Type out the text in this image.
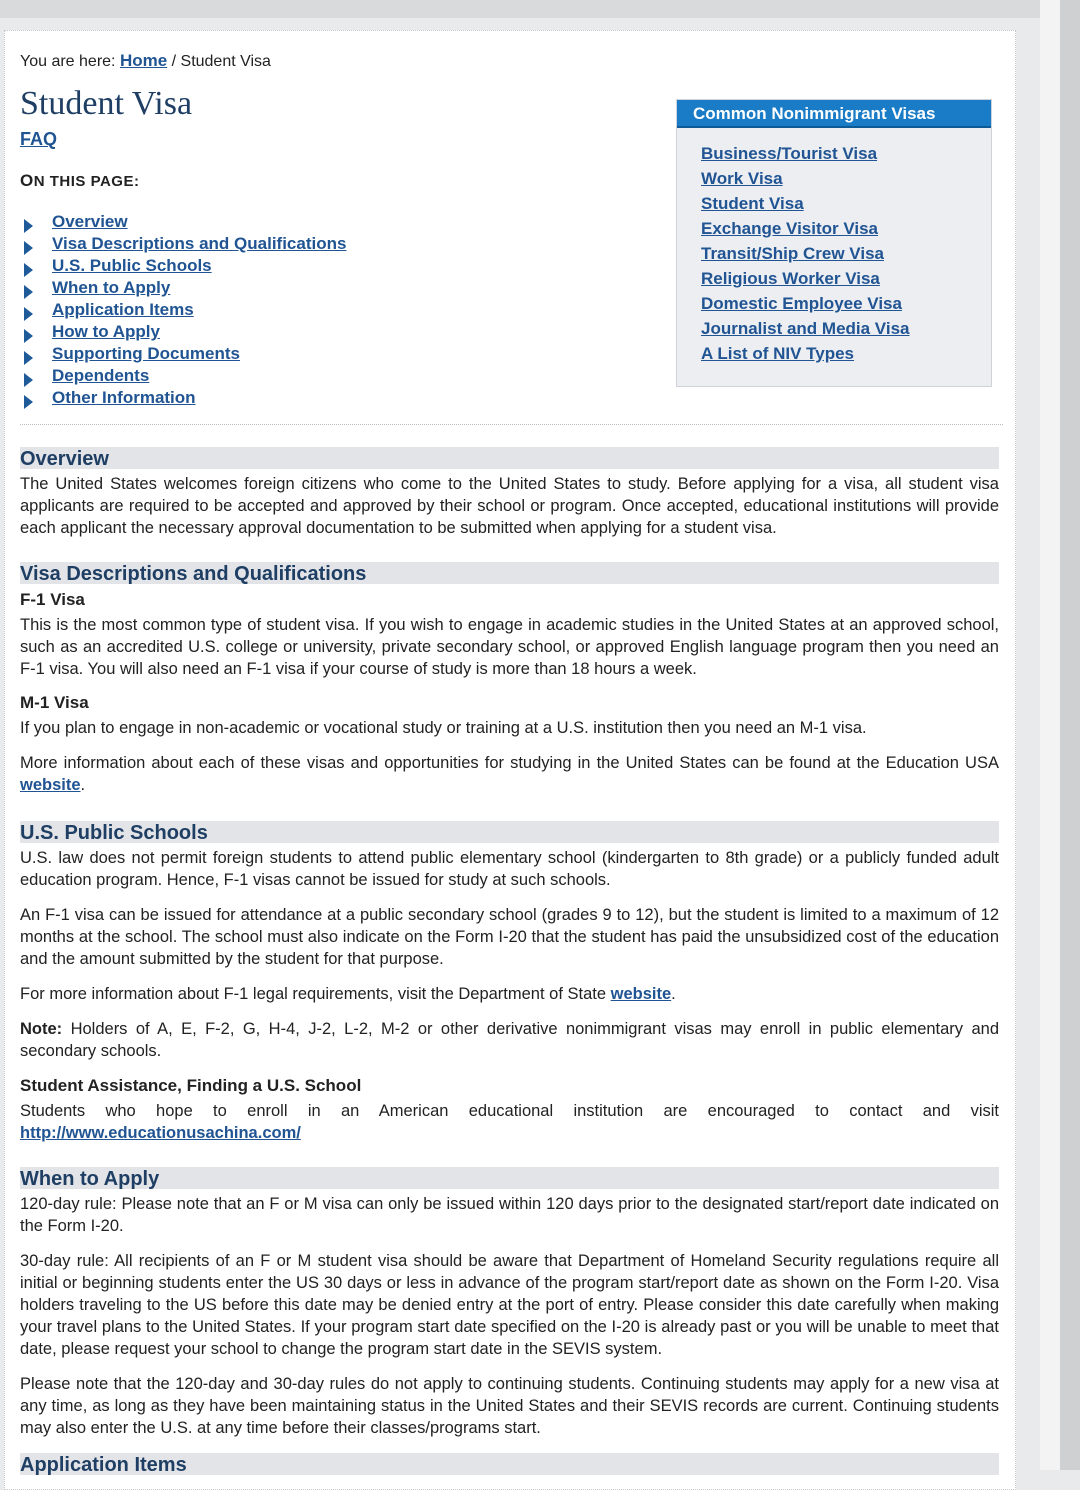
You are here: Home / Student Visa
Student Visa
FAQ
ON THIS PAGE:
Overview
Visa Descriptions and Qualifications
U.S. Public Schools
When to Apply
Application Items
How to Apply
Supporting Documents
Dependents
Other Information
Common Nonimmigrant Visas
Business/Tourist Visa
Work Visa
Student Visa
Exchange Visitor Visa
Transit/Ship Crew Visa
Religious Worker Visa
Domestic Employee Visa
Journalist and Media Visa
A List of NIV Types
Overview

The United States welcomes foreign citizens who come to the United States to study. Before applying for a visa, all student visa applicants are required to be accepted and approved by their school or program. Once accepted, educational institutions will provide each applicant the necessary approval documentation to be submitted when applying for a student visa.

Visa Descriptions and Qualifications
F-1 Visa

This is the most common type of student visa. If you wish to engage in academic studies in the United States at an approved school, such as an accredited U.S. college or university, private secondary school, or approved English language program then you need an F-1 visa. You will also need an F-1 visa if your course of study is more than 18 hours a week.

M-1 Visa

If you plan to engage in non-academic or vocational study or training at a U.S. institution then you need an M-1 visa.

More information about each of these visas and opportunities for studying in the United States can be found at the Education USA website.

U.S. Public Schools

U.S. law does not permit foreign students to attend public elementary school (kindergarten to 8th grade) or a publicly funded adult education program. Hence, F-1 visas cannot be issued for study at such schools.

An F-1 visa can be issued for attendance at a public secondary school (grades 9 to 12), but the student is limited to a maximum of 12 months at the school. The school must also indicate on the Form I-20 that the student has paid the unsubsidized cost of the education and the amount submitted by the student for that purpose.

For more information about F-1 legal requirements, visit the Department of State website.

Note: Holders of A, E, F-2, G, H-4, J-2, L-2, M-2 or other derivative nonimmigrant visas may enroll in public elementary and secondary schools.

Student Assistance, Finding a U.S. School

Students who hope to enroll in an American educational institution are encouraged to contact and visit

http://www.educationusachina.com/

When to Apply

120-day rule: Please note that an F or M visa can only be issued within 120 days prior to the designated start/report date indicated on the Form I-20.

30-day rule: All recipients of an F or M student visa should be aware that Department of Homeland Security regulations require all initial or beginning students enter the US 30 days or less in advance of the program start/report date as shown on the Form I-20. Visa holders traveling to the US before this date may be denied entry at the port of entry. Please consider this date carefully when making your travel plans to the United States. If your program start date specified on the I-20 is already past or you will be unable to meet that date, please request your school to change the program start date in the SEVIS system.

Please note that the 120-day and 30-day rules do not apply to continuing students. Continuing students may apply for a new visa at any time, as long as they have been maintaining status in the United States and their SEVIS records are current. Continuing students may also enter the U.S. at any time before their classes/programs start.

Application Items
